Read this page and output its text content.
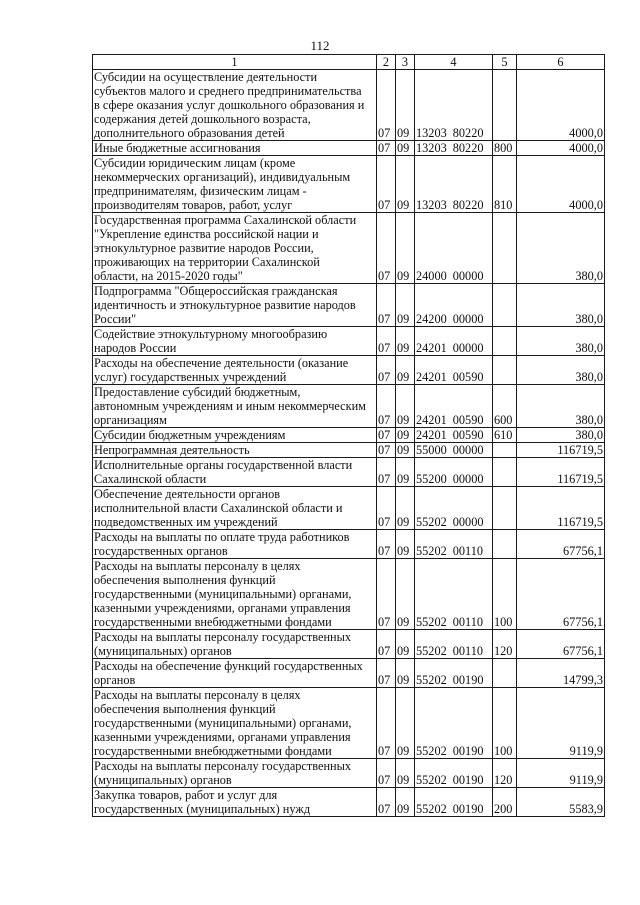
112
1	2	3	4	5	6
Субсидии на осуществление деятельности
субъектов малого и среднего предпринимательства
в сфере оказания услуг дошкольного образования и
содержания детей дошкольного возраста,
дополнительного образования детей	07	09	13203 80220		4000,0
Иные бюджетные ассигнования	07	09	13203 80220	800	4000,0
Субсидии юридическим лицам (кроме
некоммерческих организаций), индивидуальным
предпринимателям, физическим лицам -
производителям товаров, работ, услуг	07	09	13203 80220	810	4000,0
Государственная программа Сахалинской области
"Укрепление единства российской нации и
этнокультурное развитие народов России,
проживающих на территории Сахалинской
области, на 2015-2020 годы"	07	09	24000 00000		380,0
Подпрограмма "Общероссийская гражданская
идентичность и этнокультурное развитие народов
России"	07	09	24200 00000		380,0
Содействие этнокультурному многообразию
народов России	07	09	24201 00000		380,0
Расходы на обеспечение деятельности (оказание
услуг) государственных учреждений	07	09	24201 00590		380,0
Предоставление субсидий бюджетным,
автономным учреждениям и иным некоммерческим
организациям	07	09	24201 00590	600	380,0
Субсидии бюджетным учреждениям	07	09	24201 00590	610	380,0
Непрограммная деятельность	07	09	55000 00000		116719,5
Исполнительные органы государственной власти
Сахалинской области	07	09	55200 00000		116719,5
Обеспечение деятельности органов
исполнительной власти Сахалинской области и
подведомственных им учреждений	07	09	55202 00000		116719,5
Расходы на выплаты по оплате труда работников
государственных органов	07	09	55202 00110		67756,1
Расходы на выплаты персоналу в целях
обеспечения выполнения функций
государственными (муниципальными) органами,
казенными учреждениями, органами управления
государственными внебюджетными фондами	07	09	55202 00110	100	67756,1
Расходы на выплаты персоналу государственных
(муниципальных) органов	07	09	55202 00110	120	67756,1
Расходы на обеспечение функций государственных
органов	07	09	55202 00190		14799,3
Расходы на выплаты персоналу в целях
обеспечения выполнения функций
государственными (муниципальными) органами,
казенными учреждениями, органами управления
государственными внебюджетными фондами	07	09	55202 00190	100	9119,9
Расходы на выплаты персоналу государственных
(муниципальных) органов	07	09	55202 00190	120	9119,9
Закупка товаров, работ и услуг для
государственных (муниципальных) нужд	07	09	55202 00190	200	5583,9
